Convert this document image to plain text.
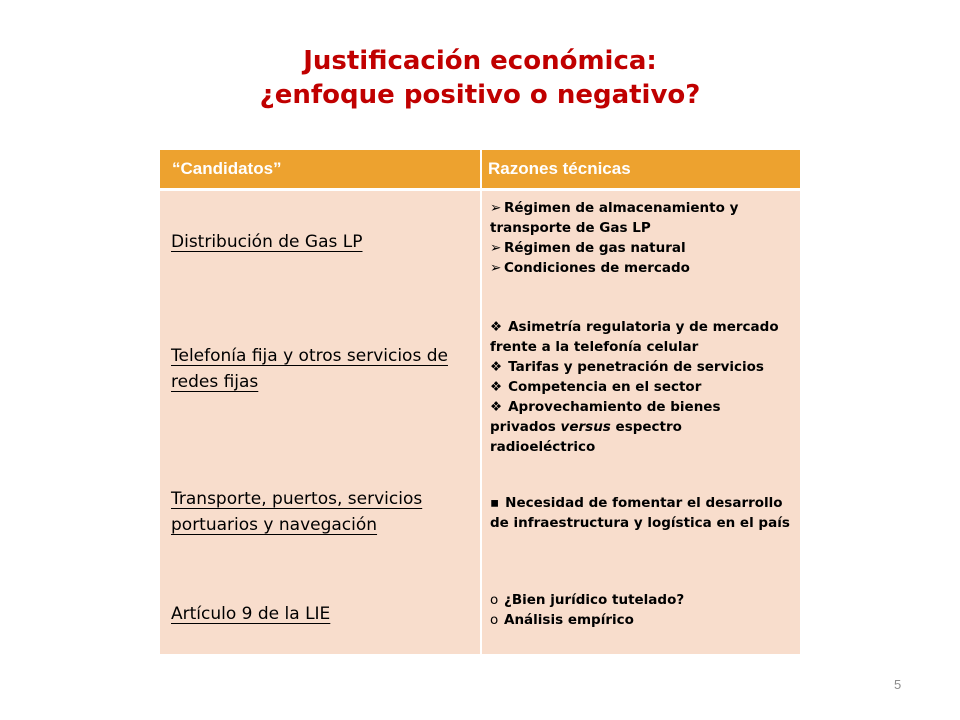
Justificación económica:
¿enfoque positivo o negativo?
“Candidatos”	Razones técnicas
Distribución de Gas LP
Telefonía fija y otros servicios de redes fijas
Transporte, puertos, servicios portuarios y navegación
Artículo 9 de la LIE
➢ Régimen de almacenamiento y
transporte de Gas LP
➢ Régimen de gas natural
➢ Condiciones de mercado
❖ Asimetría regulatoria y de mercado frente a la telefonía celular
❖ Tarifas y penetración de servicios
❖ Competencia en el sector
❖ Aprovechamiento de bienes privados versus espectro radioeléctrico
▪ Necesidad de fomentar el desarrollo de infraestructura y logística en el país
o ¿Bien jurídico tutelado?
o Análisis empírico
5
